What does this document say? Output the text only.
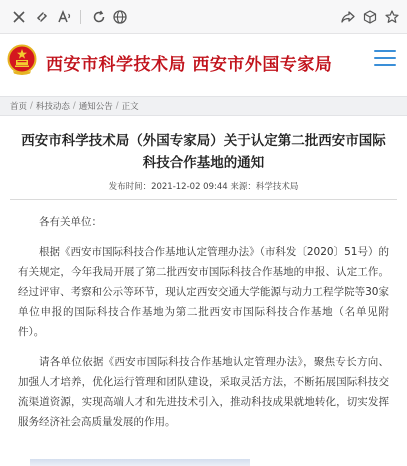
西安市科学技术局 西安市外国专家局
首页 / 科技动态 / 通知公告 / 正文
西安市科学技术局（外国专家局）关于认定第二批西安市国际科技合作基地的通知
发布时间：2021-12-02 09:44 来源：科学技术局

各有关单位：

根据《西安市国际科技合作基地认定管理办法》（市科发〔2020〕51号）的有关规定，今年我局开展了第二批西安市国际科技合作基地的申报、认定工作。经过评审、考察和公示等环节，现认定西安交通大学能源与动力工程学院等30家单位申报的国际科技合作基地为第二批西安市国际科技合作基地（名单见附件）。

请各单位依据《西安市国际科技合作基地认定管理办法》，聚焦专长方向、加强人才培养，优化运行管理和团队建设，采取灵活方法，不断拓展国际科技交流渠道资源，实现高端人才和先进技术引入，推动科技成果就地转化，切实发挥服务经济社会高质量发展的作用。
